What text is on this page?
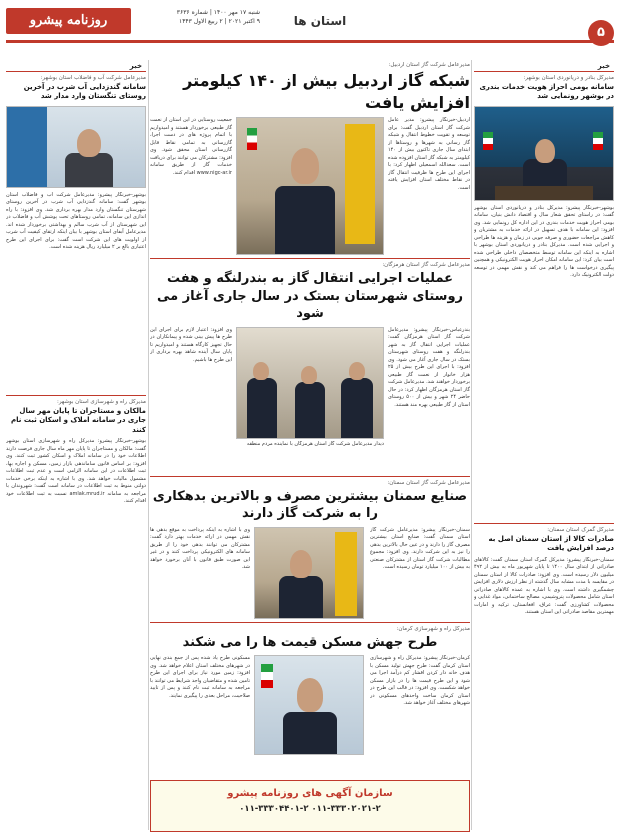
۵
استان ها
شنبه ۱۷ مهر ۱۴۰۰ | شماره ۳۶۳۶
۹ اکتبر ۲۰۲۱ | ۲ ربیع الاول ۱۴۴۳
روزنامه پیشرو
خبر
مدیرکل بنادر و دریانوردی استان بوشهر:
سامانه بومی احراز هویت خدمات بندری در بوشهر رونمایی شد
بوشهر-خبرنگار پیشرو: مدیرکل بنادر و دریانوردی استان بوشهر گفت: در راستای تحقق شعار سال و اقتصاد دانش بنیان، سامانه بومی احراز هویت خدمات بندری در این اداره کل رونمایی شد. وی افزود: این سامانه با هدف تسهیل در ارائه خدمات به مشتریان و کاهش مراجعات حضوری و صرفه جویی در زمان و هزینه ها طراحی و اجرایی شده است. مدیرکل بنادر و دریانوردی استان بوشهر با اشاره به اینکه این سامانه توسط متخصصان داخلی طراحی شده است بیان کرد: این سامانه امکان احراز هویت الکترونیکی و همچنین پیگیری درخواست ها را فراهم می کند و نقش مهمی در توسعه دولت الکترونیک دارد.
مدیرکل گمرک استان سمنان:
صادرات کالا از استان سمنان اصل به درصد افزایش یافت
سمنان-خبرنگار پیشرو: مدیرکل گمرک استان سمنان گفت: کالاهای صادراتی از ابتدای سال ۱۴۰۰ تا پایان شهریور ماه به بیش از ۴۹۲ میلیون دلار رسیده است. وی افزود: صادرات کالا از استان سمنان در مقایسه با مدت مشابه سال گذشته از نظر ارزش دلاری افزایش چشمگیری داشته است. وی با اشاره به عمده کالاهای صادراتی استان شامل محصولات پتروشیمی، مصالح ساختمانی، مواد غذایی و محصولات کشاورزی گفت: عراق، افغانستان، ترکیه و امارات مهمترین مقاصد صادراتی این استان هستند.
خبر
مدیرعامل شرکت آب و فاضلاب استان بوشهر:
سامانه گندزدایی آب شرب در آخرین روستای تنگستان وارد مدار شد
بوشهر-خبرنگار پیشرو: مدیرعامل شرکت آب و فاضلاب استان بوشهر گفت: سامانه گندزدایی آب شرب در آخرین روستای شهرستان تنگستان وارد مدار بهره برداری شد. وی افزود: با راه اندازی این سامانه، تمامی روستاهای تحت پوشش آب و فاضلاب در این شهرستان از آب شرب سالم و بهداشتی برخوردار شده اند. مدیرعامل آبفای استان بوشهر با بیان اینکه ارتقای کیفیت آب شرب از اولویت های این شرکت است گفت: برای اجرای این طرح اعتباری بالغ بر ۲ میلیارد ریال هزینه شده است.
مدیرکل راه و شهرسازی استان بوشهر:
مالکان و مستاجران تا پایان مهر سال جاری در سامانه املاک و اسکان ثبت نام کنند
بوشهر-خبرنگار پیشرو: مدیرکل راه و شهرسازی استان بوشهر گفت: مالکان و مستاجران تا پایان مهر ماه سال جاری فرصت دارند اطلاعات خود را در سامانه املاک و اسکان کشور ثبت کنند. وی افزود: بر اساس قانون ساماندهی بازار زمین، مسکن و اجاره بها، ثبت اطلاعات در این سامانه الزامی است و عدم ثبت اطلاعات مشمول مالیات خواهد شد. وی با اشاره به اینکه برخی خدمات دولتی منوط به ثبت اطلاعات در سامانه است گفت: شهروندان با مراجعه به سامانه amlak.mrud.ir نسبت به ثبت اطلاعات خود اقدام کنند.
مدیرعامل شرکت گاز استان اردبیل:
شبکه گاز اردبیل بیش از ۱۴۰ کیلومتر افزایش یافت
اردبیل-خبرنگار پیشرو: مدیر عامل شرکت گاز استان اردبیل گفت: برای توسعه و تقویت خطوط انتقال و شبکه گاز رسانی به شهرها و روستاها از ابتدای سال جاری تاکنون بیش از ۱۴۰ کیلومتر به شبکه گاز استان افزوده شده است. سعدالله اسمعیلی اظهار کرد: با اجرای این طرح ها ظرفیت انتقال گاز در نقاط مختلف استان افزایش یافته است.
جمعیت روستایی در این استان از نعمت گاز طبیعی برخوردار هستند و امیدواریم با اتمام پروژه های در دست اجرا، گازرسانی به تمامی نقاط قابل گازرسانی استان محقق شود. وی افزود: مشترکان می توانند برای دریافت خدمات گاز از طریق سامانه www.nigc-ar.ir اقدام کنند.
مدیرعامل شرکت گاز استان هرمزگان:
عملیات اجرایی انتقال گاز به بندرلنگه و هفت روستای شهرستان بستک در سال جاری آغاز می شود
بندرعباس-خبرنگار پیشرو: مدیرعامل شرکت گاز استان هرمزگان گفت: عملیات اجرایی انتقال گاز به شهر بندرلنگه و هفت روستای شهرستان بستک در سال جاری آغاز می شود. وی افزود: با اجرای این طرح بیش از ۲۵ هزار خانوار از نعمت گاز طبیعی برخوردار خواهند شد. مدیرعامل شرکت گاز استان هرمزگان اظهار کرد: در حال حاضر ۲۴ شهر و بیش از ۵۰۰ روستای استان از گاز طبیعی بهره مند هستند.
دیدار مدیرعامل شرکت گاز استان هرمزگان با نماینده مردم منطقه
وی افزود: اعتبار لازم برای اجرای این طرح ها پیش بینی شده و پیمانکاران در حال تجهیز کارگاه هستند و امیدواریم تا پایان سال آینده شاهد بهره برداری از این طرح ها باشیم.
مدیرعامل شرکت گاز استان سمنان:
صنایع سمنان بیشترین مصرف و بالاترین بدهکاری را به شرکت گاز دارند
سمنان-خبرنگار پیشرو: مدیرعامل شرکت گاز استان سمنان گفت: صنایع استان بیشترین مصرف گاز را دارند و در عین حال بالاترین بدهی را نیز به این شرکت دارند. وی افزود: مجموع مطالبات شرکت گاز استان از مشترکان صنعتی به بیش از ۱۰۰ میلیارد تومان رسیده است.
وی با اشاره به اینکه پرداخت به موقع بدهی ها نقش مهمی در ارائه خدمات بهتر دارد گفت: مشترکان می توانند بدهی خود را از طریق سامانه های الکترونیکی پرداخت کنند و در غیر این صورت طبق قانون با آنان برخورد خواهد شد.
مدیرکل راه و شهرسازی کرمان:
طرح جهش مسکن قیمت ها را می شکند
کرمان-خبرنگار پیشرو: مدیرکل راه و شهرسازی استان کرمان گفت: طرح جهش تولید مسکن با هدف خانه دار کردن اقشار کم درآمد اجرا می شود و این طرح قیمت ها را در بازار مسکن خواهد شکست. وی افزود: در قالب این طرح در استان کرمان ساخت واحدهای مسکونی در شهرهای مختلف آغاز خواهد شد.
مسکونی طرح یاد شده پس از جمع بندی نهایی در شهرهای مختلف استان اعلام خواهد شد. وی افزود: زمین مورد نیاز برای اجرای این طرح تامین شده و متقاضیان واجد شرایط می توانند با مراجعه به سامانه ثبت نام کنند و پس از تایید صلاحیت، مراحل بعدی را پیگیری نمایند.
سازمان آگهی های روزنامه پیشرو
۰۱۱-۳۳۳۰۴۴۰۱-۲ ۰۱۱-۳۳۳۰۲۰۲۱-۲
